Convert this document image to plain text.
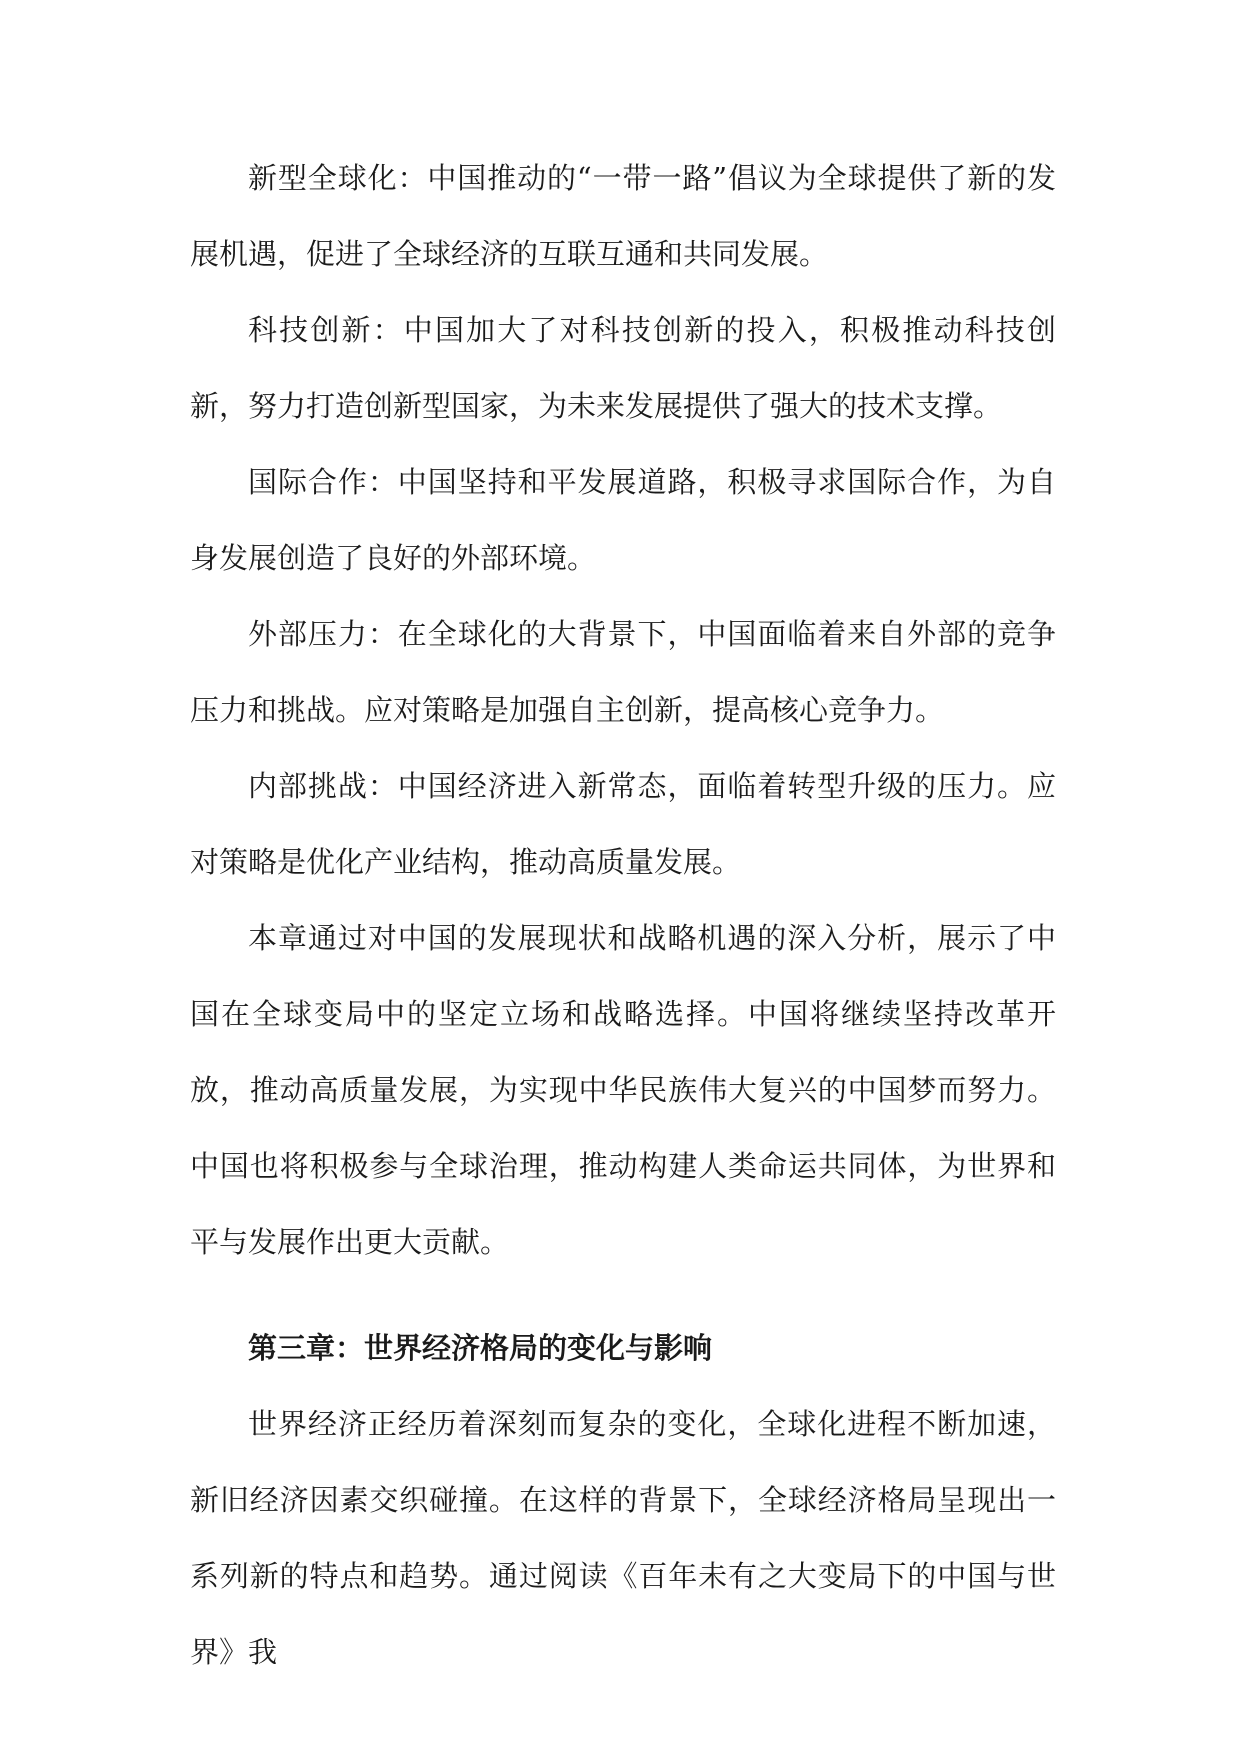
新型全球化：中国推动的“一带一路”倡议为全球提供了新的发展机遇，促进了全球经济的互联互通和共同发展。

科技创新：中国加大了对科技创新的投入，积极推动科技创新，努力打造创新型国家，为未来发展提供了强大的技术支撑。

国际合作：中国坚持和平发展道路，积极寻求国际合作，为自身发展创造了良好的外部环境。

外部压力：在全球化的大背景下，中国面临着来自外部的竞争压力和挑战。应对策略是加强自主创新，提高核心竞争力。

内部挑战：中国经济进入新常态，面临着转型升级的压力。应对策略是优化产业结构，推动高质量发展。

本章通过对中国的发展现状和战略机遇的深入分析，展示了中国在全球变局中的坚定立场和战略选择。中国将继续坚持改革开放，推动高质量发展，为实现中华民族伟大复兴的中国梦而努力。中国也将积极参与全球治理，推动构建人类命运共同体，为世界和平与发展作出更大贡献。

第三章：世界经济格局的变化与影响

世界经济正经历着深刻而复杂的变化，全球化进程不断加速，新旧经济因素交织碰撞。在这样的背景下，全球经济格局呈现出一系列新的特点和趋势。通过阅读《百年未有之大变局下的中国与世界》我
